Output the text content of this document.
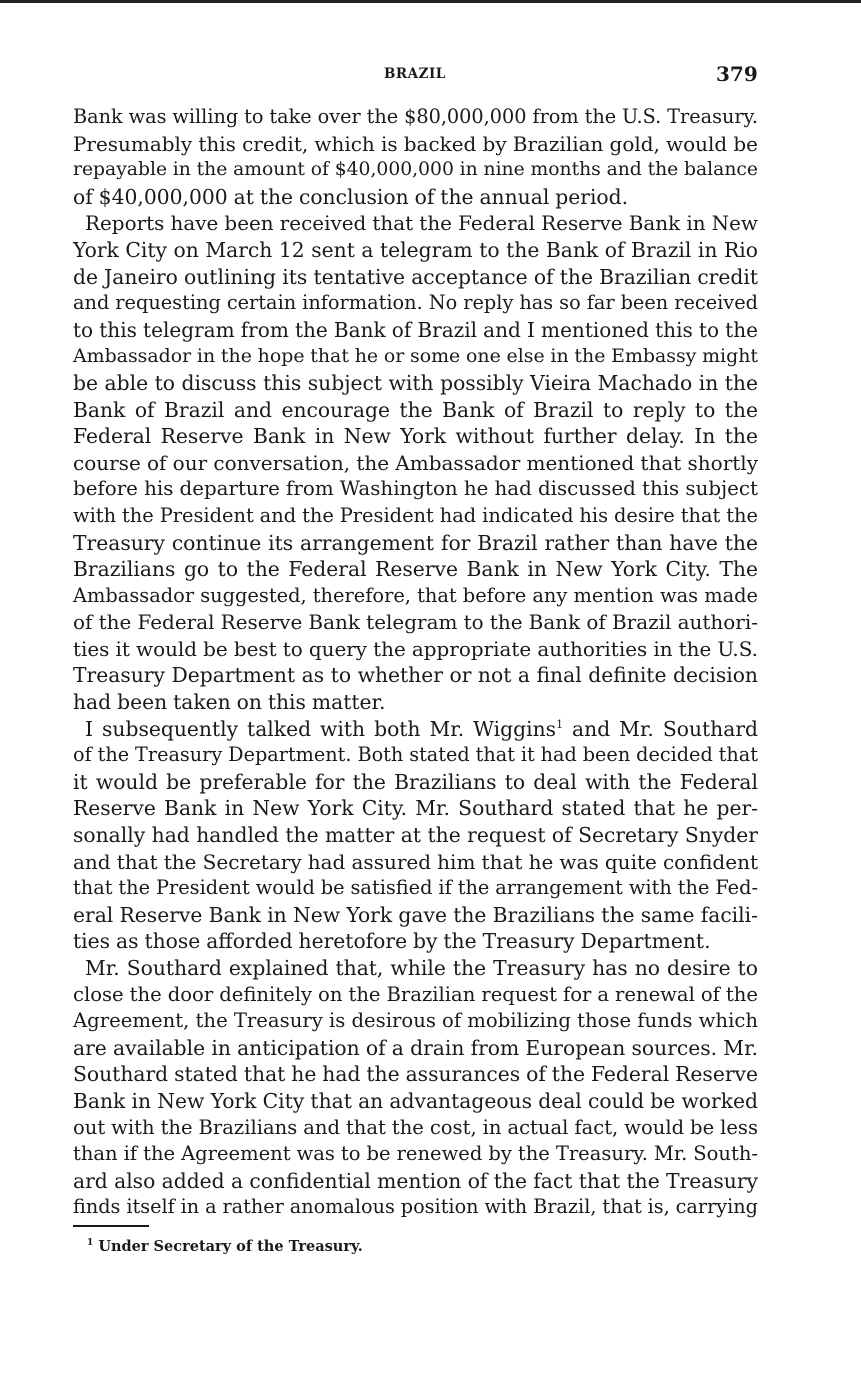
BRAZIL	379
Bank was willing to take over the $80,000,000 from the U.S. Treasury.
Presumably this credit, which is backed by Brazilian gold, would be
repayable in the amount of $40,000,000 in nine months and the balance
of $40,000,000 at the conclusion of the annual period.
Reports have been received that the Federal Reserve Bank in New
York City on March 12 sent a telegram to the Bank of Brazil in Rio
de Janeiro outlining its tentative acceptance of the Brazilian credit
and requesting certain information. No reply has so far been received
to this telegram from the Bank of Brazil and I mentioned this to the
Ambassador in the hope that he or some one else in the Embassy might
be able to discuss this subject with possibly Vieira Machado in the
Bank of Brazil and encourage the Bank of Brazil to reply to the
Federal Reserve Bank in New York without further delay. In the
course of our conversation, the Ambassador mentioned that shortly
before his departure from Washington he had discussed this subject
with the President and the President had indicated his desire that the
Treasury continue its arrangement for Brazil rather than have the
Brazilians go to the Federal Reserve Bank in New York City. The
Ambassador suggested, therefore, that before any mention was made
of the Federal Reserve Bank telegram to the Bank of Brazil authori-
ties it would be best to query the appropriate authorities in the U.S.
Treasury Department as to whether or not a final definite decision
had been taken on this matter.
I subsequently talked with both Mr. Wiggins$^1$ and Mr. Southard
of the Treasury Department. Both stated that it had been decided that
it would be preferable for the Brazilians to deal with the Federal
Reserve Bank in New York City. Mr. Southard stated that he per-
sonally had handled the matter at the request of Secretary Snyder
and that the Secretary had assured him that he was quite confident
that the President would be satisfied if the arrangement with the Fed-
eral Reserve Bank in New York gave the Brazilians the same facili-
ties as those afforded heretofore by the Treasury Department.
Mr. Southard explained that, while the Treasury has no desire to
close the door definitely on the Brazilian request for a renewal of the
Agreement, the Treasury is desirous of mobilizing those funds which
are available in anticipation of a drain from European sources. Mr.
Southard stated that he had the assurances of the Federal Reserve
Bank in New York City that an advantageous deal could be worked
out with the Brazilians and that the cost, in actual fact, would be less
than if the Agreement was to be renewed by the Treasury. Mr. South-
ard also added a confidential mention of the fact that the Treasury
finds itself in a rather anomalous position with Brazil, that is, carrying
$^1$ Under Secretary of the Treasury.
